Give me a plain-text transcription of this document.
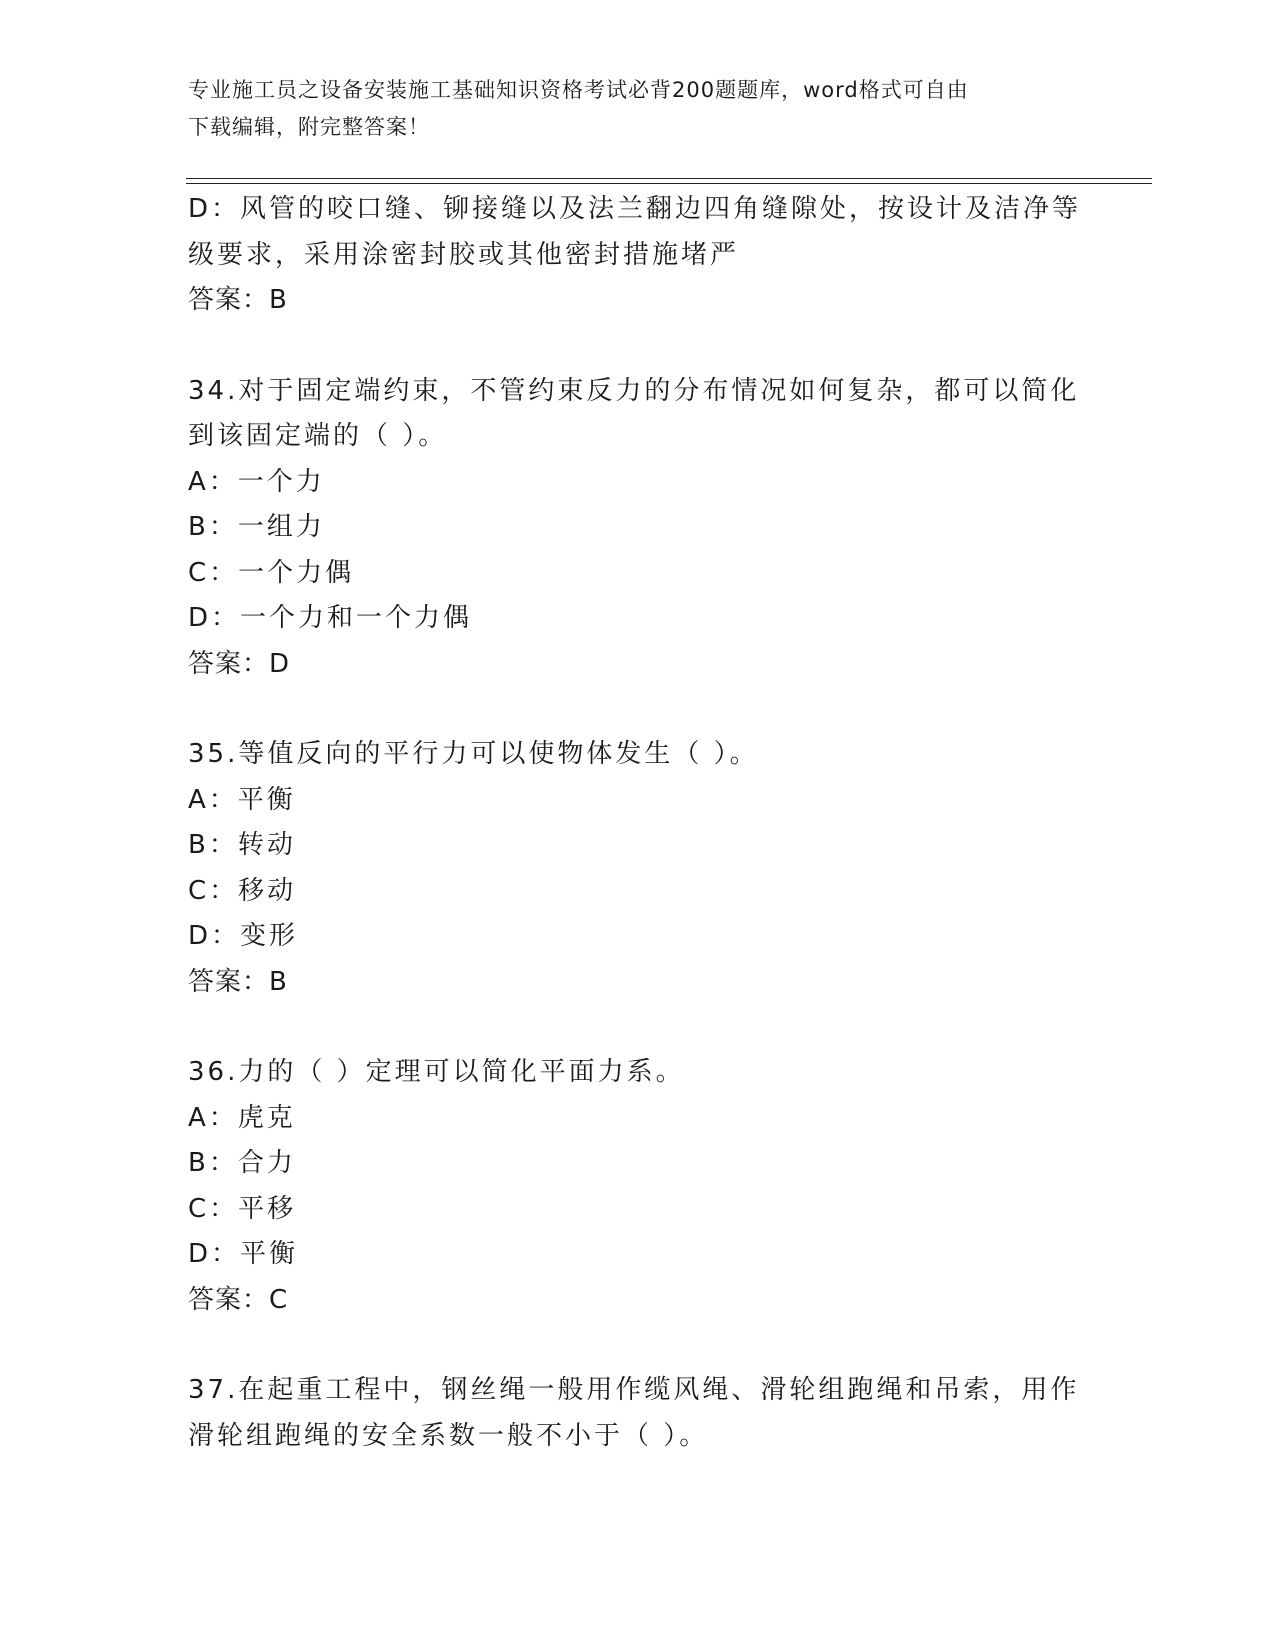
专业施工员之设备安装施工基础知识资格考试必背200题题库，word格式可自由
下载编辑，附完整答案！
D：风管的咬口缝、铆接缝以及法兰翻边四角缝隙处，按设计及洁净等
级要求，采用涂密封胶或其他密封措施堵严
答案：B
34.对于固定端约束，不管约束反力的分布情况如何复杂，都可以简化
到该固定端的（ ）。
A：一个力
B：一组力
C：一个力偶
D：一个力和一个力偶
答案：D
35.等值反向的平行力可以使物体发生（ ）。
A：平衡
B：转动
C：移动
D：变形
答案：B
36.力的（ ）定理可以简化平面力系。
A：虎克
B：合力
C：平移
D：平衡
答案：C
37.在起重工程中，钢丝绳一般用作缆风绳、滑轮组跑绳和吊索，用作
滑轮组跑绳的安全系数一般不小于（ ）。
